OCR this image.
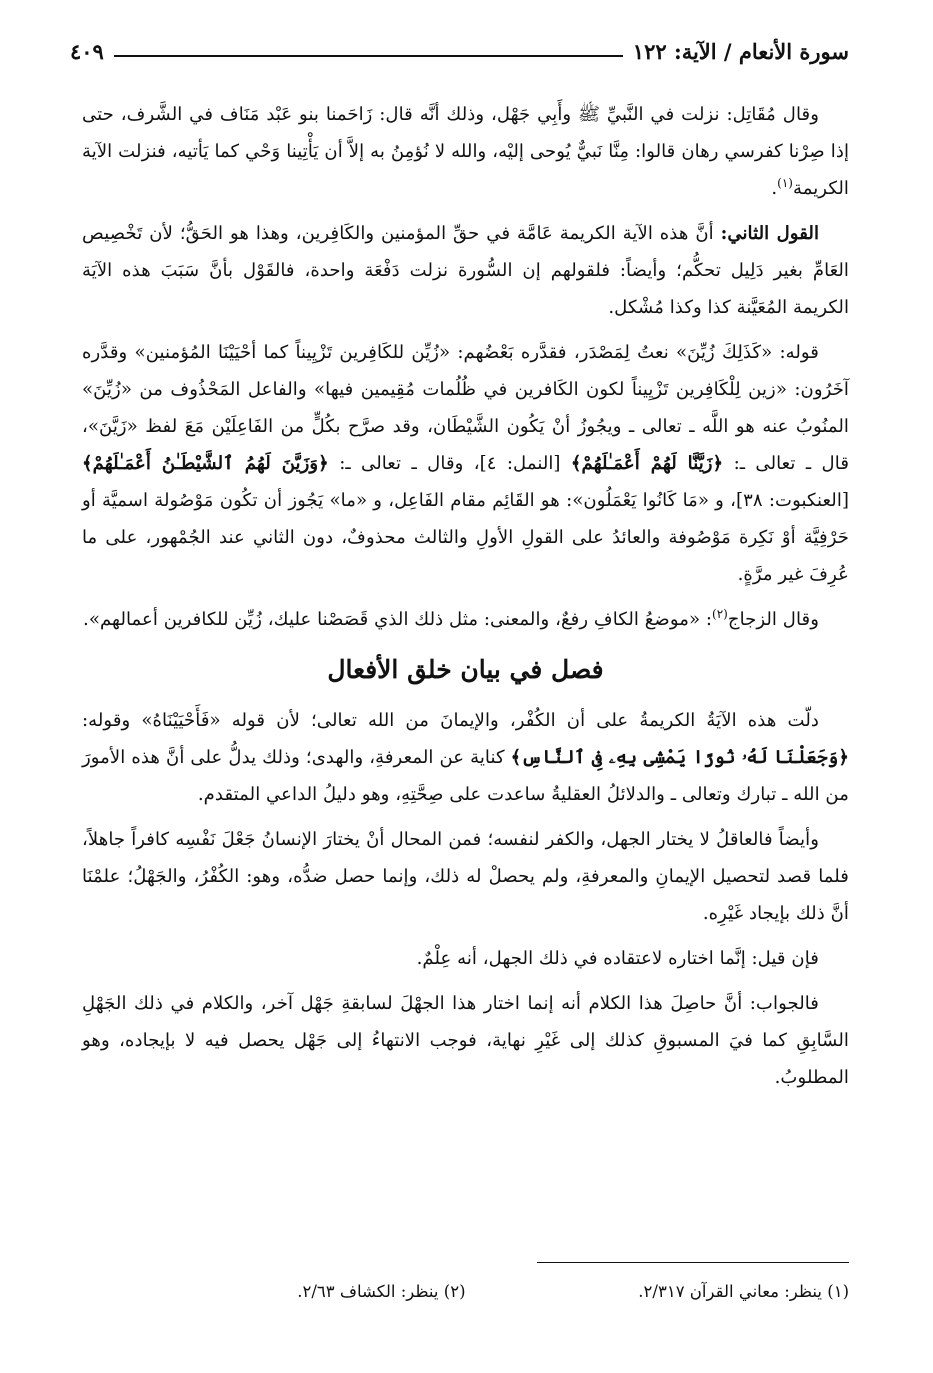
سورة الأنعام / الآية: ١٢٢
٤٠٩

وقال مُقَاتِل: نزلت في النَّبيِّ ﷺ وأَبِي جَهْل، وذلك أنَّه قال: زَاحَمنا بنو عَبْد مَنَاف في الشَّرف، حتى إذا صِرْنا كفرسي رهان قالوا: مِنَّا نَبيٌّ يُوحى إليْه، والله لا نُؤمِنُ به إلاَّ أن يَأْتِينا وَحْي كما يَأتيه، فنزلت الآية الكريمة$^{(١)}$.

القول الثاني: أنَّ هذه الآية الكريمة عَامَّة في حقِّ المؤمنين والكَافِرين، وهذا هو الحَقُّ؛ لأن تَخْصِيص العَامِّ بغير دَلِيل تحكُّم؛ وأيضاً: فلقولهم إن السُّورة نزلت دَفْعَة واحدة، فالقَوْل بأنَّ سَبَبَ هذه الآيَة الكريمة المُعَيَّنة كذا وكذا مُشْكل.

قوله: «كَذَلِكَ زُيِّنَ» نعتُ لِمَصْدَر، فقدَّره بَعْضُهم: «زُيِّن للكَافِرين تَزْيِيناً كما أحْيَيْنَا المُؤمنين» وقدَّره آخَرُون: «زين لِلْكَافِرين تَزْيِيناً لكون الكَافرين في ظُلُمات مُقِيمين فيها» والفاعل المَحْذُوف من «زُيِّنَ» المنُوبُ عنه هو اللَّه ـ تعالى ـ ويجُوزُ أنْ يَكُون الشَّيْطَان، وقد صرَّح بكُلٍّ من الفَاعِلَيْن مَعَ لفظ «زَيَّنَ»، قال ـ تعالى ـ: ﴿زَيَّنَّا لَهُمْ أَعْمَـٰلَهُمْ﴾ [النمل: ٤]، وقال ـ تعالى ـ: ﴿وَزَيَّنَ لَهُمُ ٱلشَّيْطَـٰنُ أَعْمَـٰلَهُمْ﴾ [العنكبوت: ٣٨]، و «مَا كَانُوا يَعْمَلُون»: هو القَائِم مقام الفَاعِل، و «ما» يَجُوز أن تكُون مَوْصُولة اسميَّة أو حَرْفِيَّة أوْ نَكِرة مَوْصُوفة والعائدُ على القولِ الأولِ والثالث محذوفٌ، دون الثاني عند الجُمْهور، على ما عُرِفَ غير مرَّةٍ.

وقال الزجاج$^{(٢)}$: «موضعُ الكافِ رفعٌ، والمعنى: مثل ذلك الذي قَصَصْنا عليك، زُيِّن للكافرين أعمالهم».

فصل في بيان خلق الأفعال

دلّت هذه الآيَةُ الكريمةُ على أن الكُفْر، والإيمانَ من الله تعالى؛ لأن قوله «فَأَحْيَيْنَاهُ» وقوله: ﴿وَجَعَلْنَا لَهُۥ نُورًا يَمْشِى بِهِۦ فِى ٱلنَّاسِ﴾ كناية عن المعرفةِ، والهدى؛ وذلك يدلُّ على أنَّ هذه الأمورَ من الله ـ تبارك وتعالى ـ والدلائلُ العقليةُ ساعدت على صِحَّتِهِ، وهو دليلُ الداعي المتقدم.

وأيضاً فالعاقلُ لا يختار الجهل، والكفر لنفسه؛ فمن المحال أنْ يختارَ الإنسانُ جَعْلَ نَفْسِه كافراً جاهلاً، فلما قصد لتحصيل الإيمانِ والمعرفةِ، ولم يحصلْ له ذلك، وإنما حصل ضدُّه، وهو: الكُفْرُ، والجَهْلُ؛ علمْنَا أنَّ ذلك بإيجاد غَيْرِه.

فإن قيل: إنَّما اختاره لاعتقاده في ذلك الجهل، أنه عِلْمٌ.

فالجواب: أنَّ حاصِلَ هذا الكلام أنه إنما اختار هذا الجهْلَ لسابقةِ جَهْل آخر، والكلام في ذلك الجَهْلِ السَّابِقِ كما فيَ المسبوقِ كذلك إلى غَيْرِ نهاية، فوجب الانتهاءُ إلى جَهْل يحصل فيه لا بإيجاده، وهو المطلوبُ.

(١) ينظر: معاني القرآن ٢/٣١٧.
(٢) ينظر: الكشاف ٢/٦٣.
